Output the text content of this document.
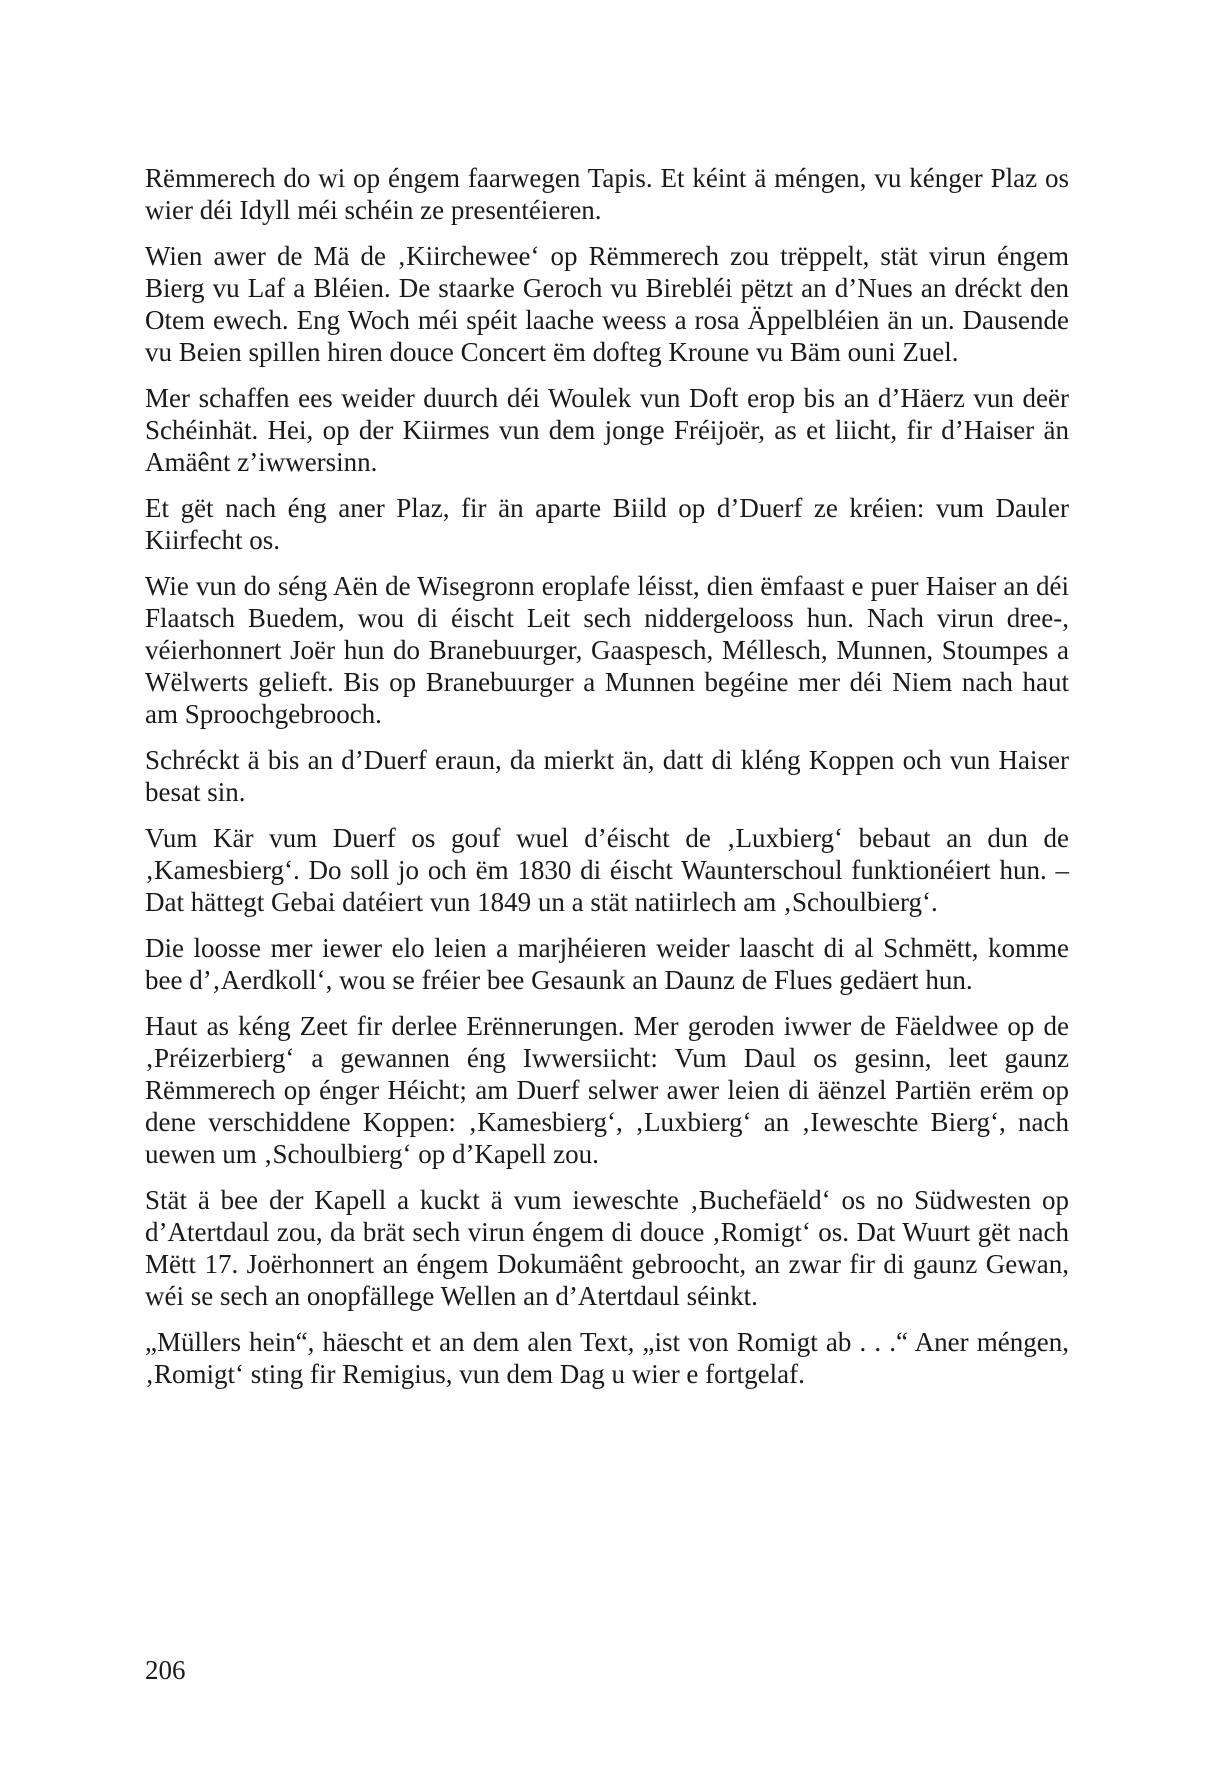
Rëmmerech do wi op éngem faarwegen Tapis. Et kéint ä méngen, vu kénger Plaz os wier déi Idyll méi schéin ze presentéieren.

Wien awer de Mä de ‚Kiirchewee‘ op Rëmmerech zou trëppelt, stät virun éngem Bierg vu Laf a Bléien. De staarke Geroch vu Birebléi pëtzt an d’Nues an dréckt den Otem ewech. Eng Woch méi spéit laache weess a rosa Äppelbléien än un. Dausende vu Beien spillen hiren douce Concert ëm dofteg Kroune vu Bäm ouni Zuel.

Mer schaffen ees weider duurch déi Woulek vun Doft erop bis an d’Häerz vun deër Schéinhät. Hei, op der Kiirmes vun dem jonge Fréijoër, as et liicht, fir d’Haiser än Amäênt z’iwwersinn.

Et gët nach éng aner Plaz, fir än aparte Biild op d’Duerf ze kréien: vum Dauler Kiirfecht os.

Wie vun do séng Aën de Wisegronn eroplafe léisst, dien ëmfaast e puer Haiser an déi Flaatsch Buedem, wou di éischt Leit sech niddergelooss hun. Nach virun dree-, véierhonnert Joër hun do Branebuurger, Gaaspesch, Méllesch, Munnen, Stoumpes a Wëlwerts gelieft. Bis op Branebuurger a Munnen begéine mer déi Niem nach haut am Sproochgebrooch.

Schréckt ä bis an d’Duerf eraun, da mierkt än, datt di kléng Koppen och vun Haiser besat sin.

Vum Kär vum Duerf os gouf wuel d’éischt de ‚Luxbierg‘ bebaut an dun de ‚Kamesbierg‘. Do soll jo och ëm 1830 di éischt Waunterschoul funktionéiert hun. – Dat hättegt Gebai datéiert vun 1849 un a stät natiirlech am ‚Schoulbierg‘.

Die loosse mer iewer elo leien a marjhéieren weider laascht di al Schmëtt, komme bee d’‚Aerdkoll‘, wou se fréier bee Gesaunk an Daunz de Flues gedäert hun.

Haut as kéng Zeet fir derlee Erënnerungen. Mer geroden iwwer de Fäeldwee op de ‚Préizerbierg‘ a gewannen éng Iwwersiicht: Vum Daul os gesinn, leet gaunz Rëmmerech op énger Héicht; am Duerf selwer awer leien di äënzel Partiën erëm op dene verschiddene Koppen: ‚Kamesbierg‘, ‚Luxbierg‘ an ‚Ieweschte Bierg‘, nach uewen um ‚Schoulbierg‘ op d’Kapell zou.

Stät ä bee der Kapell a kuckt ä vum ieweschte ‚Buchefäeld‘ os no Südwesten op d’Atertdaul zou, da brät sech virun éngem di douce ‚Romigt‘ os. Dat Wuurt gët nach Mëtt 17. Joërhonnert an éngem Dokumäênt gebroocht, an zwar fir di gaunz Gewan, wéi se sech an onopfällege Wellen an d’Atertdaul séinkt.

„Müllers hein“, häescht et an dem alen Text, „ist von Romigt ab . . .“ Aner méngen, ‚Romigt‘ sting fir Remigius, vun dem Dag u wier e fortgelaf.

206
